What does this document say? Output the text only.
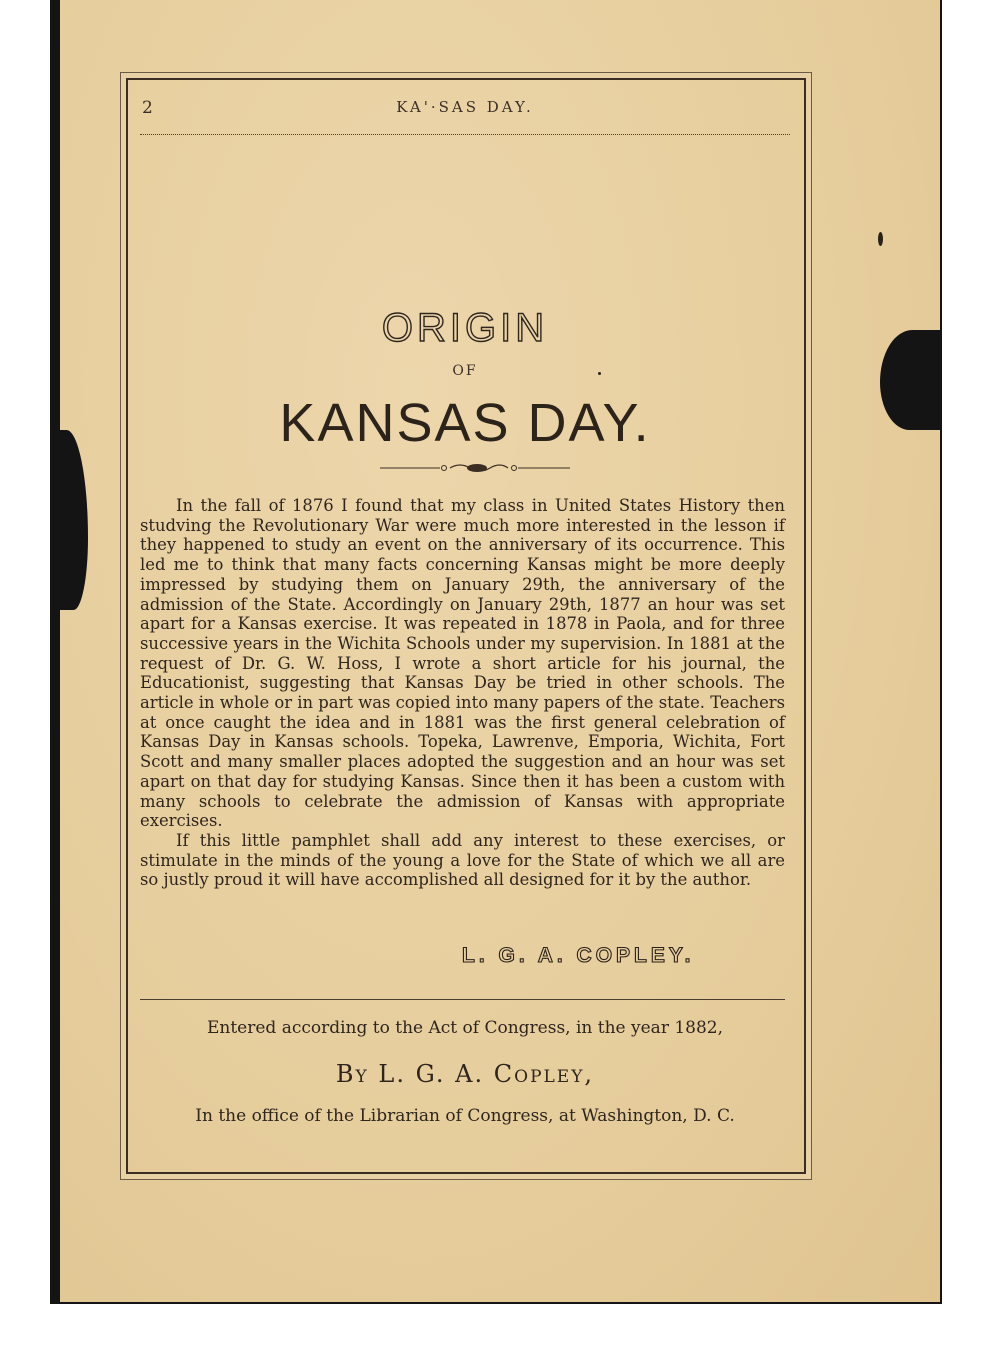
2	KA'·SAS DAY.
ORIGIN
OF
KANSAS DAY.

In the fall of 1876 I found that my class in United States History then studving the Revolutionary War were much more interested in the lesson if they happened to study an event on the anniversary of its occurrence. This led me to think that many facts concerning Kansas might be more deeply impressed by studying them on January 29th, the anniversary of the admission of the State. Accordingly on January 29th, 1877 an hour was set apart for a Kansas exercise. It was repeated in 1878 in Paola, and for three successive years in the Wichita Schools under my supervision. In 1881 at the request of Dr. G. W. Hoss, I wrote a short article for his journal, the Educationist, suggesting that Kansas Day be tried in other schools. The article in whole or in part was copied into many papers of the state. Teachers at once caught the idea and in 1881 was the first general celebration of Kansas Day in Kansas schools. Topeka, Lawrenve, Emporia, Wichita, Fort Scott and many smaller places adopted the suggestion and an hour was set apart on that day for studying Kansas. Since then it has been a custom with many schools to celebrate the admission of Kansas with appropriate exercises.

If this little pamphlet shall add any interest to these exercises, or stimulate in the minds of the young a love for the State of which we all are so justly proud it will have accomplished all designed for it by the author.

L. G. A. COPLEY.
Entered according to the Act of Congress, in the year 1882,
By L. G. A. Copley,
In the office of the Librarian of Congress, at Washington, D. C.
